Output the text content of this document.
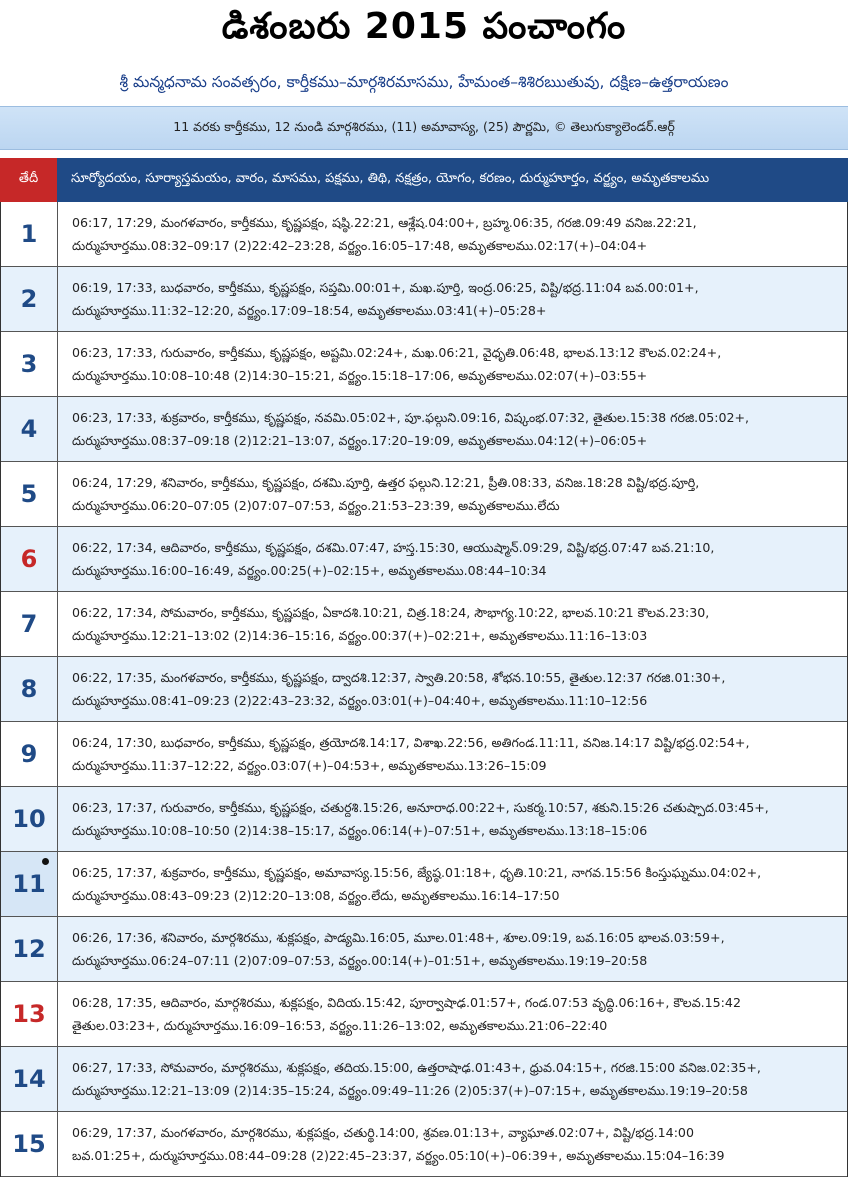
డిశంబరు 2015 పంచాంగం
శ్రీ మన్మధనామ సంవత్సరం, కార్తీకము–మార్గశిరమాసము, హేమంత–శిశిరఋతువు, దక్షిణ–ఉత్తరాయణం
11 వరకు కార్తీకము, 12 నుండి మార్గశిరము, (11) అమావాస్య, (25) పౌర్ణమి, © తెలుగుక్యాలెండర్.ఆర్గ్
తేదీ	సూర్యోదయం, సూర్యాస్తమయం, వారం, మాసము, పక్షము, తిథి, నక్షత్రం, యోగం, కరణం, దుర్ముహూర్తం, వర్జ్యం, అమృతకాలము
1	06:17, 17:29, మంగళవారం, కార్తీకము, కృష్ణపక్షం, షష్ఠి.22:21, ఆశ్లేష.04:00+, బ్రహ్మ.06:35, గరజి.09:49 వనిజ.22:21,
దుర్ముహూర్తము.08:32–09:17 (2)22:42–23:28, వర్జ్యం.16:05–17:48, అమృతకాలము.02:17(+)–04:04+
2	06:19, 17:33, బుధవారం, కార్తీకము, కృష్ణపక్షం, సప్తమి.00:01+, మఖ.పూర్తి, ఇంద్ర.06:25, విష్టి/భద్ర.11:04 బవ.00:01+,
దుర్ముహూర్తము.11:32–12:20, వర్జ్యం.17:09–18:54, అమృతకాలము.03:41(+)–05:28+
3	06:23, 17:33, గురువారం, కార్తీకము, కృష్ణపక్షం, అష్టమి.02:24+, మఖ.06:21, వైధృతి.06:48, భాలవ.13:12 కౌలవ.02:24+,
దుర్ముహూర్తము.10:08–10:48 (2)14:30–15:21, వర్జ్యం.15:18–17:06, అమృతకాలము.02:07(+)–03:55+
4	06:23, 17:33, శుక్రవారం, కార్తీకము, కృష్ణపక్షం, నవమి.05:02+, పూ.ఫల్గుని.09:16, విష్కంభ.07:32, తైతుల.15:38 గరజి.05:02+,
దుర్ముహూర్తము.08:37–09:18 (2)12:21–13:07, వర్జ్యం.17:20–19:09, అమృతకాలము.04:12(+)–06:05+
5	06:24, 17:29, శనివారం, కార్తీకము, కృష్ణపక్షం, దశమి.పూర్తి, ఉత్తర ఫల్గుని.12:21, ప్రీతి.08:33, వనిజ.18:28 విష్టి/భద్ర.పూర్తి,
దుర్ముహూర్తము.06:20–07:05 (2)07:07–07:53, వర్జ్యం.21:53–23:39, అమృతకాలము.లేదు
6	06:22, 17:34, ఆదివారం, కార్తీకము, కృష్ణపక్షం, దశమి.07:47, హస్త.15:30, ఆయుష్మాన్.09:29, విష్టి/భద్ర.07:47 బవ.21:10,
దుర్ముహూర్తము.16:00–16:49, వర్జ్యం.00:25(+)–02:15+, అమృతకాలము.08:44–10:34
7	06:22, 17:34, సోమవారం, కార్తీకము, కృష్ణపక్షం, ఏకాదశి.10:21, చిత్ర.18:24, సౌభాగ్య.10:22, భాలవ.10:21 కౌలవ.23:30,
దుర్ముహూర్తము.12:21–13:02 (2)14:36–15:16, వర్జ్యం.00:37(+)–02:21+, అమృతకాలము.11:16–13:03
8	06:22, 17:35, మంగళవారం, కార్తీకము, కృష్ణపక్షం, ద్వాదశి.12:37, స్వాతి.20:58, శోభన.10:55, తైతుల.12:37 గరజి.01:30+,
దుర్ముహూర్తము.08:41–09:23 (2)22:43–23:32, వర్జ్యం.03:01(+)–04:40+, అమృతకాలము.11:10–12:56
9	06:24, 17:30, బుధవారం, కార్తీకము, కృష్ణపక్షం, త్రయోదశి.14:17, విశాఖ.22:56, అతిగండ.11:11, వనిజ.14:17 విష్టి/భద్ర.02:54+,
దుర్ముహూర్తము.11:37–12:22, వర్జ్యం.03:07(+)–04:53+, అమృతకాలము.13:26–15:09
10 06:23, 17:37, గురువారం, కార్తీకము, కృష్ణపక్షం, చతుర్దశి.15:26, అనూరాధ.00:22+, సుకర్మ.10:57, శకుని.15:26 చతుష్పాద.03:45+,
దుర్ముహూర్తము.10:08–10:50 (2)14:38–15:17, వర్జ్యం.06:14(+)–07:51+, అమృతకాలము.13:18–15:06
11 06:25, 17:37, శుక్రవారం, కార్తీకము, కృష్ణపక్షం, అమావాస్య.15:56, జ్యేష్ఠ.01:18+, ధృతి.10:21, నాగవ.15:56 కింస్తుఘ్నము.04:02+,
దుర్ముహూర్తము.08:43–09:23 (2)12:20–13:08, వర్జ్యం.లేదు, అమృతకాలము.16:14–17:50
12 06:26, 17:36, శనివారం, మార్గశిరము, శుక్లపక్షం, పాడ్యమి.16:05, మూల.01:48+, శూల.09:19, బవ.16:05 భాలవ.03:59+,
దుర్ముహూర్తము.06:24–07:11 (2)07:09–07:53, వర్జ్యం.00:14(+)–01:51+, అమృతకాలము.19:19–20:58
13 06:28, 17:35, ఆదివారం, మార్గశిరము, శుక్లపక్షం, విదియ.15:42, పూర్వాషాఢ.01:57+, గండ.07:53 వృద్ధి.06:16+, కౌలవ.15:42
తైతుల.03:23+, దుర్ముహూర్తము.16:09–16:53, వర్జ్యం.11:26–13:02, అమృతకాలము.21:06–22:40
14 06:27, 17:33, సోమవారం, మార్గశిరము, శుక్లపక్షం, తదియ.15:00, ఉత్తరాషాఢ.01:43+, ధ్రువ.04:15+, గరజి.15:00 వనిజ.02:35+,
దుర్ముహూర్తము.12:21–13:09 (2)14:35–15:24, వర్జ్యం.09:49–11:26 (2)05:37(+)–07:15+, అమృతకాలము.19:19–20:58
15 06:29, 17:37, మంగళవారం, మార్గశిరము, శుక్లపక్షం, చతుర్థి.14:00, శ్రవణ.01:13+, వ్యాఘాత.02:07+, విష్టి/భద్ర.14:00
బవ.01:25+, దుర్ముహూర్తము.08:44–09:28 (2)22:45–23:37, వర్జ్యం.05:10(+)–06:39+, అమృతకాలము.15:04–16:39
